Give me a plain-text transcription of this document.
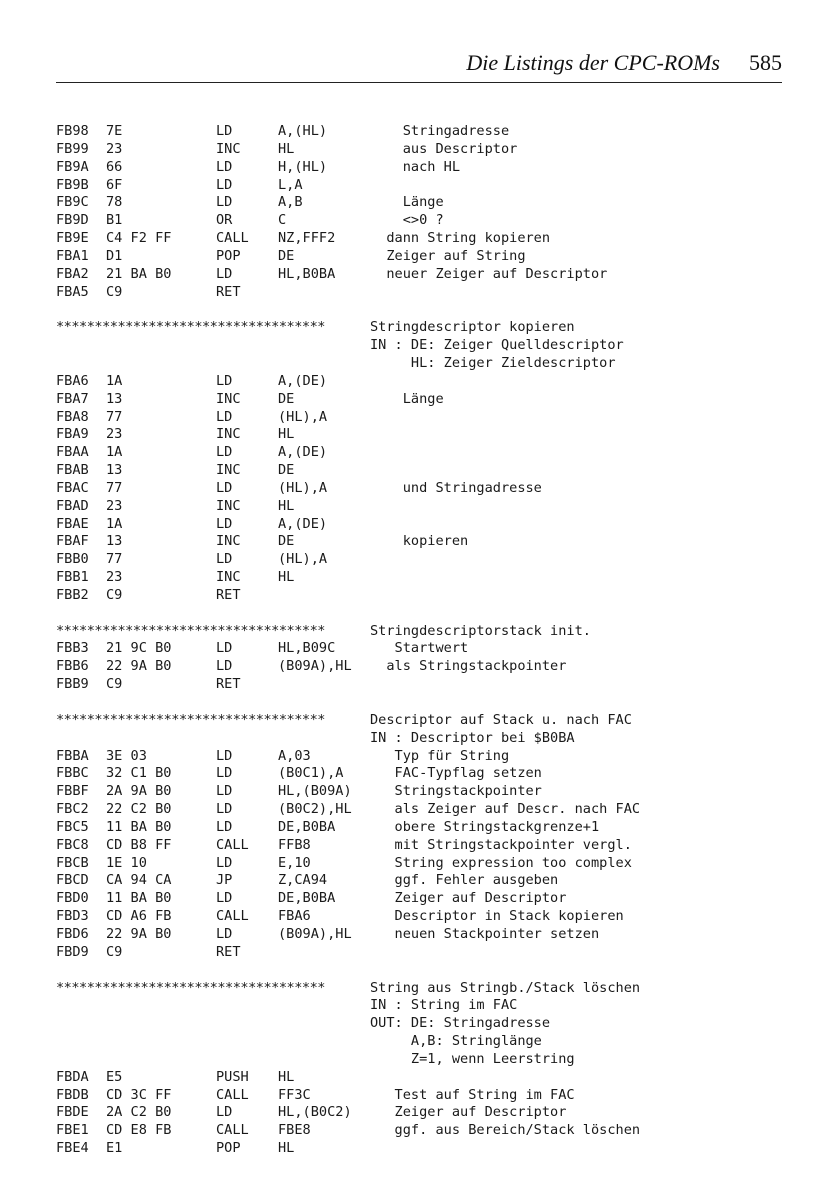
Die Listings der CPC-ROMs 585
FB98 7E	LD	A,(HL)	Stringadresse
FB99 23	INC	HL	aus Descriptor
FB9A 66	LD	H,(HL)	nach HL
FB9B 6F	LD	L,A
FB9C 78	LD	A,B	Länge
FB9D B1	OR	C	<>0 ?
FB9E C4 F2 FF	CALL NZ,FFF2	dann String kopieren
FBA1 D1	POP	DE	Zeiger auf String
FBA2 21 BA B0	LD	HL,B0BA	neuer Zeiger auf Descriptor
FBA5 C9	RET
***********************************	Stringdescriptor kopieren
IN : DE: Zeiger Quelldescriptor
HL: Zeiger Zieldescriptor
FBA6 1A	LD	A,(DE)
FBA7 13	INC	DE	Länge
FBA8 77	LD	(HL),A
FBA9 23	INC	HL
FBAA 1A	LD	A,(DE)
FBAB 13	INC	DE
FBAC 77	LD	(HL),A	und Stringadresse
FBAD 23	INC	HL
FBAE 1A	LD	A,(DE)
FBAF 13	INC	DE	kopieren
FBB0 77	LD	(HL),A
FBB1 23	INC	HL
FBB2 C9	RET
***********************************	Stringdescriptorstack init.
FBB3 21 9C B0	LD	HL,B09C	Startwert
FBB6 22 9A B0	LD	(B09A),HL als Stringstackpointer
FBB9 C9	RET
***********************************	Descriptor auf Stack u. nach FAC
IN : Descriptor bei $B0BA
FBBA 3E 03	LD	A,03	Typ für String
FBBC 32 C1 B0	LD	(B0C1),A FAC-Typflag setzen
FBBF 2A 9A B0	LD	HL,(B09A) Stringstackpointer
FBC2 22 C2 B0	LD	(B0C2),HL als Zeiger auf Descr. nach FAC
FBC5 11 BA B0	LD	DE,B0BA	obere Stringstackgrenze+1
FBC8 CD B8 FF	CALL FFB8	mit Stringstackpointer vergl.
FBCB 1E 10	LD	E,10	String expression too complex
FBCD CA 94 CA	JP	Z,CA94	ggf. Fehler ausgeben
FBD0 11 BA B0	LD	DE,B0BA	Zeiger auf Descriptor
FBD3 CD A6 FB	CALL FBA6	Descriptor in Stack kopieren
FBD6 22 9A B0	LD	(B09A),HL neuen Stackpointer setzen
FBD9 C9	RET
***********************************	String aus Stringb./Stack löschen
IN : String im FAC
OUT: DE: Stringadresse
A,B: Stringlänge
Z=1, wenn Leerstring
FBDA E5	PUSH HL
FBDB CD 3C FF	CALL FF3C	Test auf String im FAC
FBDE 2A C2 B0	LD	HL,(B0C2) Zeiger auf Descriptor
FBE1 CD E8 FB	CALL FBE8	ggf. aus Bereich/Stack löschen
FBE4 E1	POP	HL
